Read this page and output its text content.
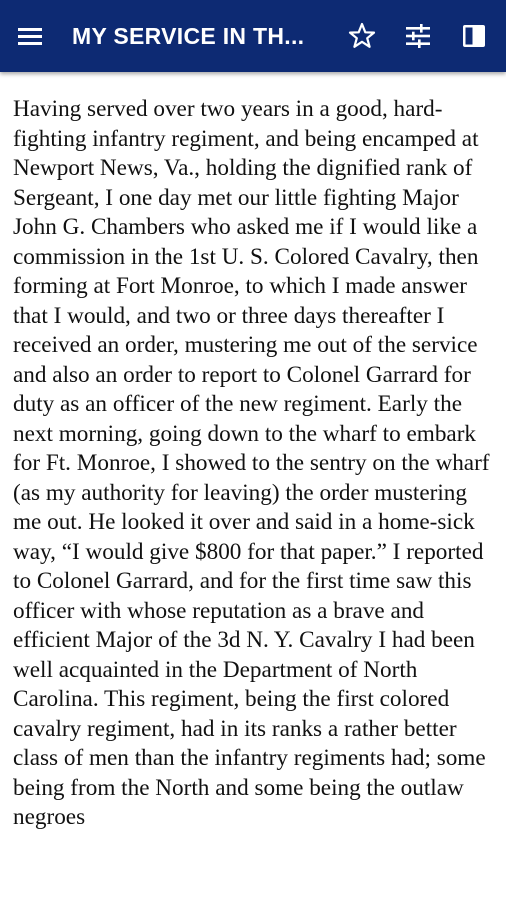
MY SERVICE IN TH...

Having served over two years in a good, hard-fighting infantry regiment, and being encamped at Newport News, Va., holding the dignified rank of Sergeant, I one day met our little fighting Major John G. Chambers who asked me if I would like a commission in the 1st U. S. Colored Cavalry, then forming at Fort Monroe, to which I made answer that I would, and two or three days thereafter I received an order, mustering me out of the service and also an order to report to Colonel Garrard for duty as an officer of the new regiment. Early the next morning, going down to the wharf to embark for Ft. Monroe, I showed to the sentry on the wharf (as my authority for leaving) the order mustering me out. He looked it over and said in a home-sick way, “I would give $800 for that paper.” I reported to Colonel Garrard, and for the first time saw this officer with whose reputation as a brave and efficient Major of the 3d N. Y. Cavalry I had been well acquainted in the Department of North Carolina. This regiment, being the first colored cavalry regiment, had in its ranks a rather better class of men than the infantry regiments had; some being from the North and some being the outlaw negroes
